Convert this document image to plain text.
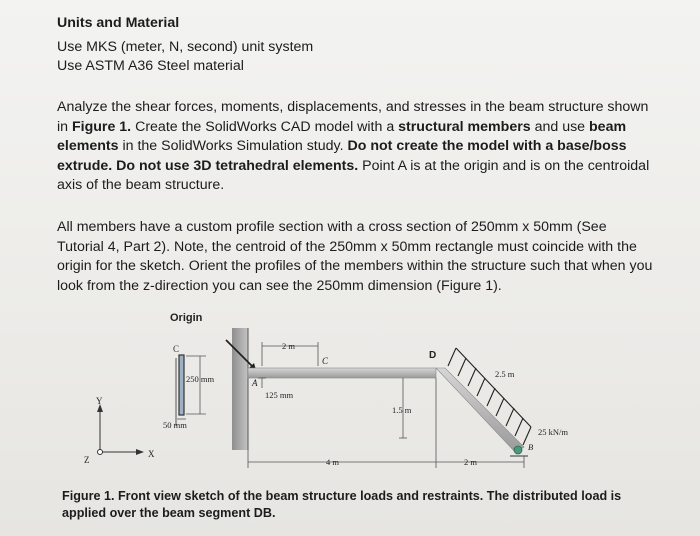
Units and Material
Use MKS (meter, N, second) unit system
Use ASTM A36 Steel material
Analyze the shear forces, moments, displacements, and stresses in the beam structure shown in Figure 1. Create the SolidWorks CAD model with a structural members and use beam elements in the SolidWorks Simulation study. Do not create the model with a base/boss extrude. Do not use 3D tetrahedral elements. Point A is at the origin and is on the centroidal axis of the beam structure.
All members have a custom profile section with a cross section of 250mm x 50mm (See Tutorial 4, Part 2). Note, the centroid of the 250mm x 50mm rectangle must coincide with the origin for the sketch. Orient the profiles of the members within the structure such that when you look from the z-direction you can see the 250mm dimension (Figure 1).
Origin
C
250 mm
50 mm
Y
X
Z
A
C	D
B
2 m
125 mm
1.5 m
2.5 m
25 kN/m
4 m	2 m
Figure 1. Front view sketch of the beam structure loads and restraints. The distributed load is applied over the beam segment DB.
